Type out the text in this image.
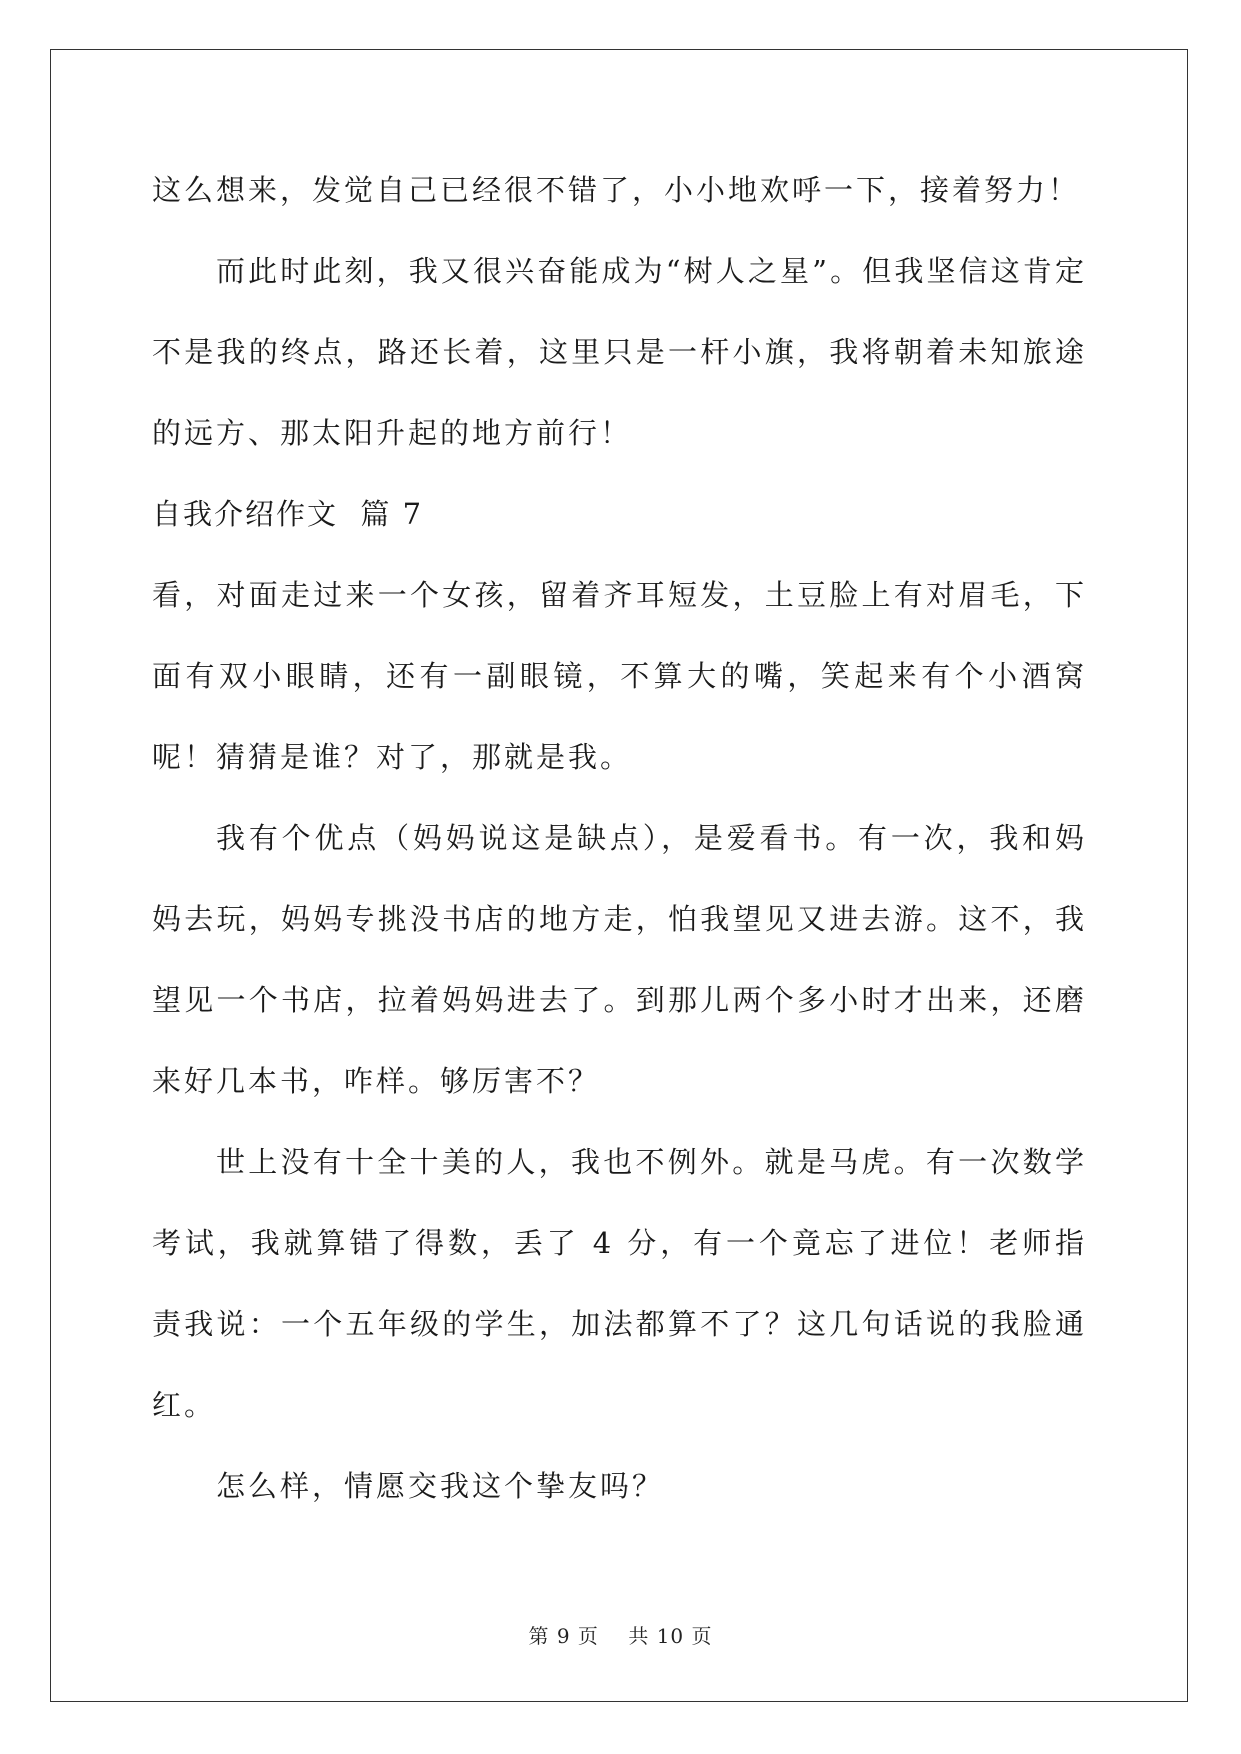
这么想来，发觉自己已经很不错了，小小地欢呼一下，接着努力！

而此时此刻，我又很兴奋能成为“树人之星”。但我坚信这肯定不是我的终点，路还长着，这里只是一杆小旗，我将朝着未知旅途的远方、那太阳升起的地方前行！

自我介绍作文  篇 7

看，对面走过来一个女孩，留着齐耳短发，土豆脸上有对眉毛，下面有双小眼睛，还有一副眼镜，不算大的嘴，笑起来有个小酒窝呢！猜猜是谁？对了，那就是我。

我有个优点（妈妈说这是缺点），是爱看书。有一次，我和妈妈去玩，妈妈专挑没书店的地方走，怕我望见又进去游。这不，我望见一个书店，拉着妈妈进去了。到那儿两个多小时才出来，还磨来好几本书，咋样。够厉害不？

世上没有十全十美的人，我也不例外。就是马虎。有一次数学考试，我就算错了得数，丢了 4 分，有一个竟忘了进位！老师指责我说：一个五年级的学生，加法都算不了？这几句话说的我脸通红。

怎么样，情愿交我这个挚友吗？

第 9 页    共 10 页
